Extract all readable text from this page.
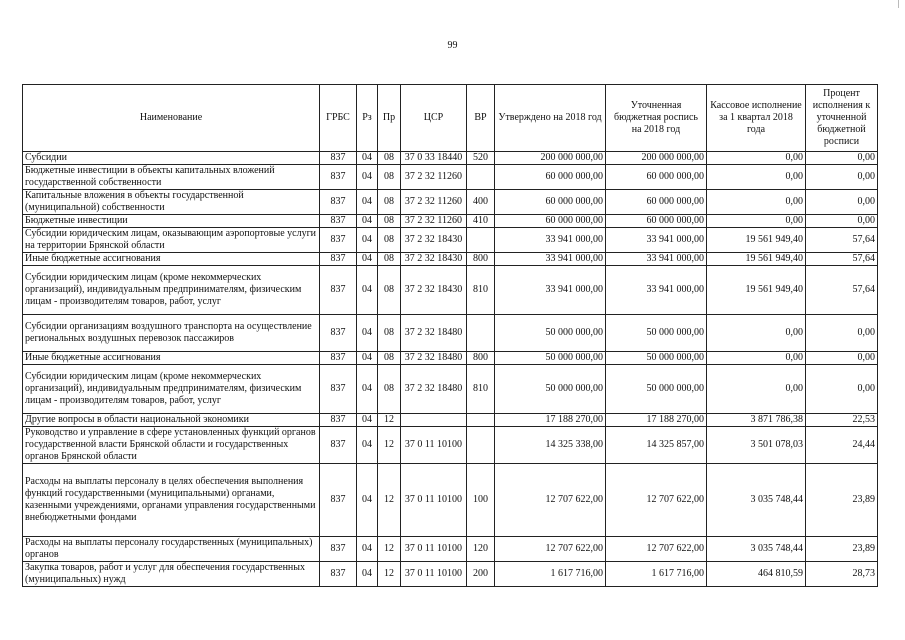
99
Наименование	ГРБС	Рз	Пр	ЦСР	ВР	Утверждено на 2018 год	Уточненная бюджетная роспись на 2018 год	Кассовое исполнение за 1 квартал 2018 года	Процент исполнения к уточненной бюджетной росписи
Субсидии	837	04	08	37 0 33 18440	520	200 000 000,00	200 000 000,00	0,00	0,00
Бюджетные инвестиции в объекты капитальных вложений государственной собственности	837	04	08	37 2 32 11260		60 000 000,00	60 000 000,00	0,00	0,00
Капитальные вложения в объекты государственной (муниципальной) собственности	837	04	08	37 2 32 11260	400	60 000 000,00	60 000 000,00	0,00	0,00
Бюджетные инвестиции	837	04	08	37 2 32 11260	410	60 000 000,00	60 000 000,00	0,00	0,00
Субсидии юридическим лицам, оказывающим аэропортовые услуги на территории Брянской области	837	04	08	37 2 32 18430		33 941 000,00	33 941 000,00	19 561 949,40	57,64
Иные бюджетные ассигнования	837	04	08	37 2 32 18430	800	33 941 000,00	33 941 000,00	19 561 949,40	57,64
Субсидии юридическим лицам (кроме некоммерческих организаций), индивидуальным предпринимателям, физическим лицам - производителям товаров, работ, услуг	837	04	08	37 2 32 18430	810	33 941 000,00	33 941 000,00	19 561 949,40	57,64
Субсидии организациям воздушного транспорта на осуществление региональных воздушных перевозок пассажиров	837	04	08	37 2 32 18480		50 000 000,00	50 000 000,00	0,00	0,00
Иные бюджетные ассигнования	837	04	08	37 2 32 18480	800	50 000 000,00	50 000 000,00	0,00	0,00
Субсидии юридическим лицам (кроме некоммерческих организаций), индивидуальным предпринимателям, физическим лицам - производителям товаров, работ, услуг	837	04	08	37 2 32 18480	810	50 000 000,00	50 000 000,00	0,00	0,00
Другие вопросы в области национальной экономики	837	04	12			17 188 270,00	17 188 270,00	3 871 786,38	22,53
Руководство и управление в сфере установленных функций органов государственной власти Брянской области и государственных органов Брянской области	837	04	12	37 0 11 10100		14 325 338,00	14 325 857,00	3 501 078,03	24,44
Расходы на выплаты персоналу в целях обеспечения выполнения функций государственными (муниципальными) органами, казенными учреждениями, органами управления государственными внебюджетными фондами	837	04	12	37 0 11 10100	100	12 707 622,00	12 707 622,00	3 035 748,44	23,89
Расходы на выплаты персоналу государственных (муниципальных) органов	837	04	12	37 0 11 10100	120	12 707 622,00	12 707 622,00	3 035 748,44	23,89
Закупка товаров, работ и услуг для обеспечения государственных (муниципальных) нужд	837	04	12	37 0 11 10100	200	1 617 716,00	1 617 716,00	464 810,59	28,73
